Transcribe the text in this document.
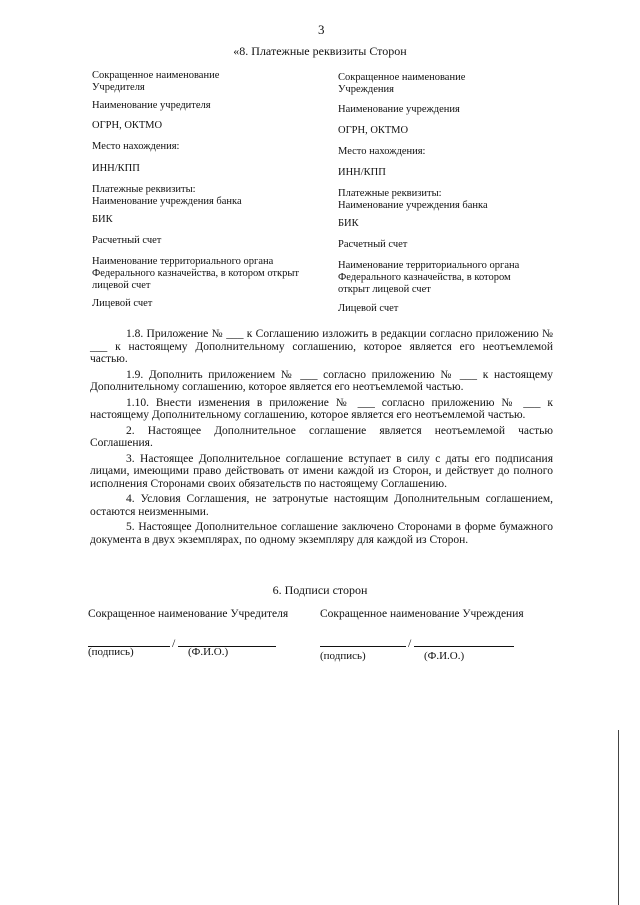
3
«8. Платежные реквизиты Сторон
Сокращенное наименование
Учредителя
Наименование учредителя
ОГРН, ОКТМО
Место нахождения:
ИНН/КПП
Платежные реквизиты:
Наименование учреждения банка
БИК
Расчетный счет
Наименование территориального органа
Федерального казначейства, в котором открыт
лицевой счет
Лицевой счет
Сокращенное наименование
Учреждения
Наименование учреждения
ОГРН, ОКТМО
Место нахождения:
ИНН/КПП
Платежные реквизиты:
Наименование учреждения банка
БИК
Расчетный счет
Наименование территориального органа
Федерального казначейства, в котором
открыт лицевой счет
Лицевой счет

1.8. Приложение № ___ к Соглашению изложить в редакции согласно приложению № ___ к настоящему Дополнительному соглашению, которое является его неотъемлемой частью.

1.9. Дополнить приложением № ___ согласно приложению № ___ к настоящему Дополнительному соглашению, которое является его неотъемлемой частью.

1.10. Внести изменения в приложение № ___ согласно приложению № ___ к настоящему Дополнительному соглашению, которое является его неотъемлемой частью.

2. Настоящее Дополнительное соглашение является неотъемлемой частью Соглашения.

3. Настоящее Дополнительное соглашение вступает в силу с даты его подписания лицами, имеющими право действовать от имени каждой из Сторон, и действует до полного исполнения Сторонами своих обязательств по настоящему Соглашению.

4. Условия Соглашения, не затронутые настоящим Дополнительным соглашением, остаются неизменными.

5. Настоящее Дополнительное соглашение заключено Сторонами в форме бумажного документа в двух экземплярах, по одному экземпляру для каждой из Сторон.

6. Подписи сторон
Сокращенное наименование Учредителя
/
(подпись)	(Ф.И.О.)
Сокращенное наименование Учреждения
/
(подпись)	(Ф.И.О.)
